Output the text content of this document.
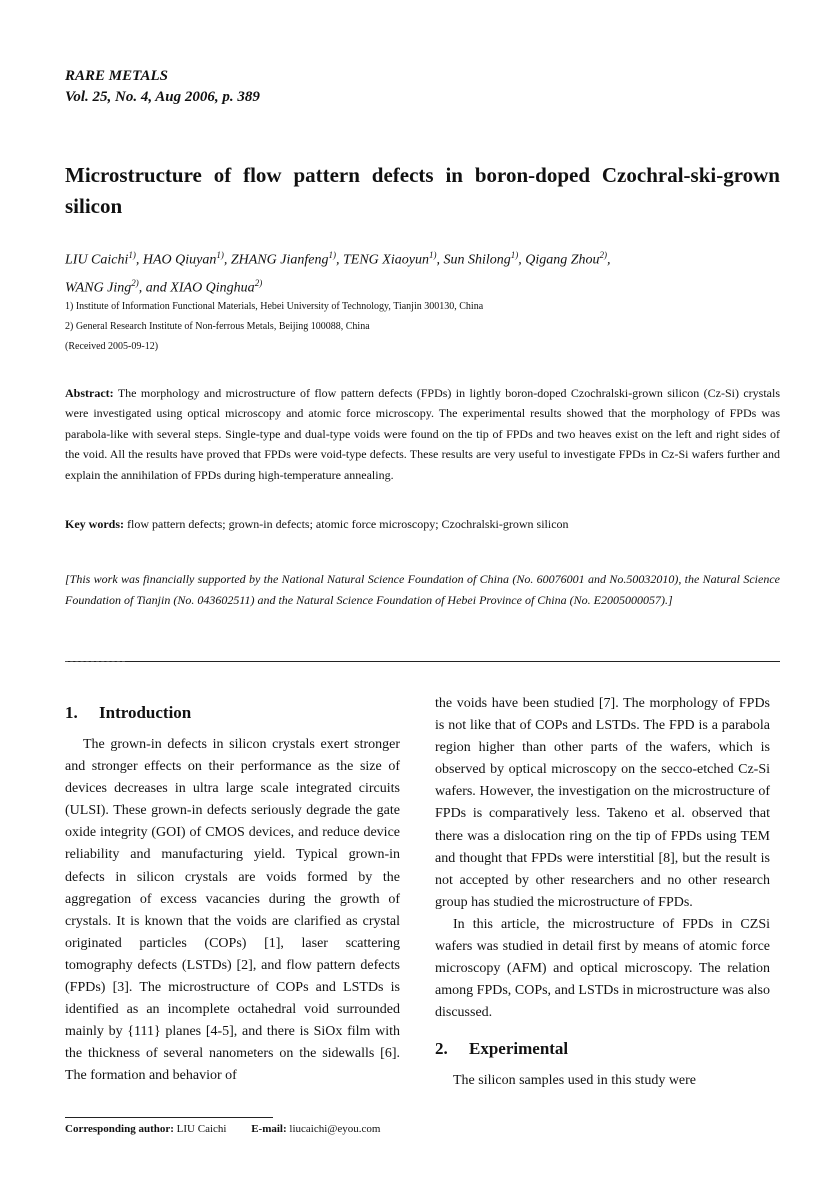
RARE METALS
Vol. 25, No. 4, Aug 2006, p. 389
Microstructure of flow pattern defects in boron-doped Czochral-ski-grown silicon
LIU Caichi$^{1)}$, HAO Qiuyan$^{1)}$, ZHANG Jianfeng$^{1)}$, TENG Xiaoyun$^{1)}$, Sun Shilong$^{1)}$, Qigang Zhou$^{2)}$,
WANG Jing$^{2)}$, and XIAO Qinghua$^{2)}$
1) Institute of Information Functional Materials, Hebei University of Technology, Tianjin 300130, China
2) General Research Institute of Non-ferrous Metals, Beijing 100088, China
(Received 2005-09-12)
Abstract: The morphology and microstructure of flow pattern defects (FPDs) in lightly boron-doped Czochralski-grown silicon (Cz-Si) crystals were investigated using optical microscopy and atomic force microscopy. The experimental results showed that the morphology of FPDs was parabola-like with several steps. Single-type and dual-type voids were found on the tip of FPDs and two heaves exist on the left and right sides of the void. All the results have proved that FPDs were void-type defects. These results are very useful to investigate FPDs in Cz-Si wafers further and explain the annihilation of FPDs during high-temperature annealing.
Key words: flow pattern defects; grown-in defects; atomic force microscopy; Czochralski-grown silicon
[This work was financially supported by the National Natural Science Foundation of China (No. 60076001 and No.50032010), the Natural Science Foundation of Tianjin (No. 043602511) and the Natural Science Foundation of Hebei Province of China (No. E2005000057).]
1. Introduction

The grown-in defects in silicon crystals exert stronger and stronger effects on their performance as the size of devices decreases in ultra large scale integrated circuits (ULSI). These grown-in defects seriously degrade the gate oxide integrity (GOI) of CMOS devices, and reduce device reliability and manufacturing yield. Typical grown-in defects in silicon crystals are voids formed by the aggregation of excess vacancies during the growth of crystals. It is known that the voids are clarified as crystal originated particles (COPs) [1], laser scattering tomography defects (LSTDs) [2], and flow pattern defects (FPDs) [3]. The microstructure of COPs and LSTDs is identified as an incomplete octahedral void surrounded mainly by {111} planes [4-5], and there is SiOx film with the thickness of several nanometers on the sidewalls [6]. The formation and behavior of

the voids have been studied [7]. The morphology of FPDs is not like that of COPs and LSTDs. The FPD is a parabola region higher than other parts of the wafers, which is observed by optical microscopy on the secco-etched Cz-Si wafers. However, the investigation on the microstructure of FPDs is comparatively less. Takeno et al. observed that there was a dislocation ring on the tip of FPDs using TEM and thought that FPDs were interstitial [8], but the result is not accepted by other researchers and no other research group has studied the microstructure of FPDs.

In this article, the microstructure of FPDs in CZSi wafers was studied in detail first by means of atomic force microscopy (AFM) and optical microscopy. The relation among FPDs, COPs, and LSTDs in microstructure was also discussed.

2. Experimental

The silicon samples used in this study were

Corresponding author: LIU Caichi E-mail: liucaichi@eyou.com
